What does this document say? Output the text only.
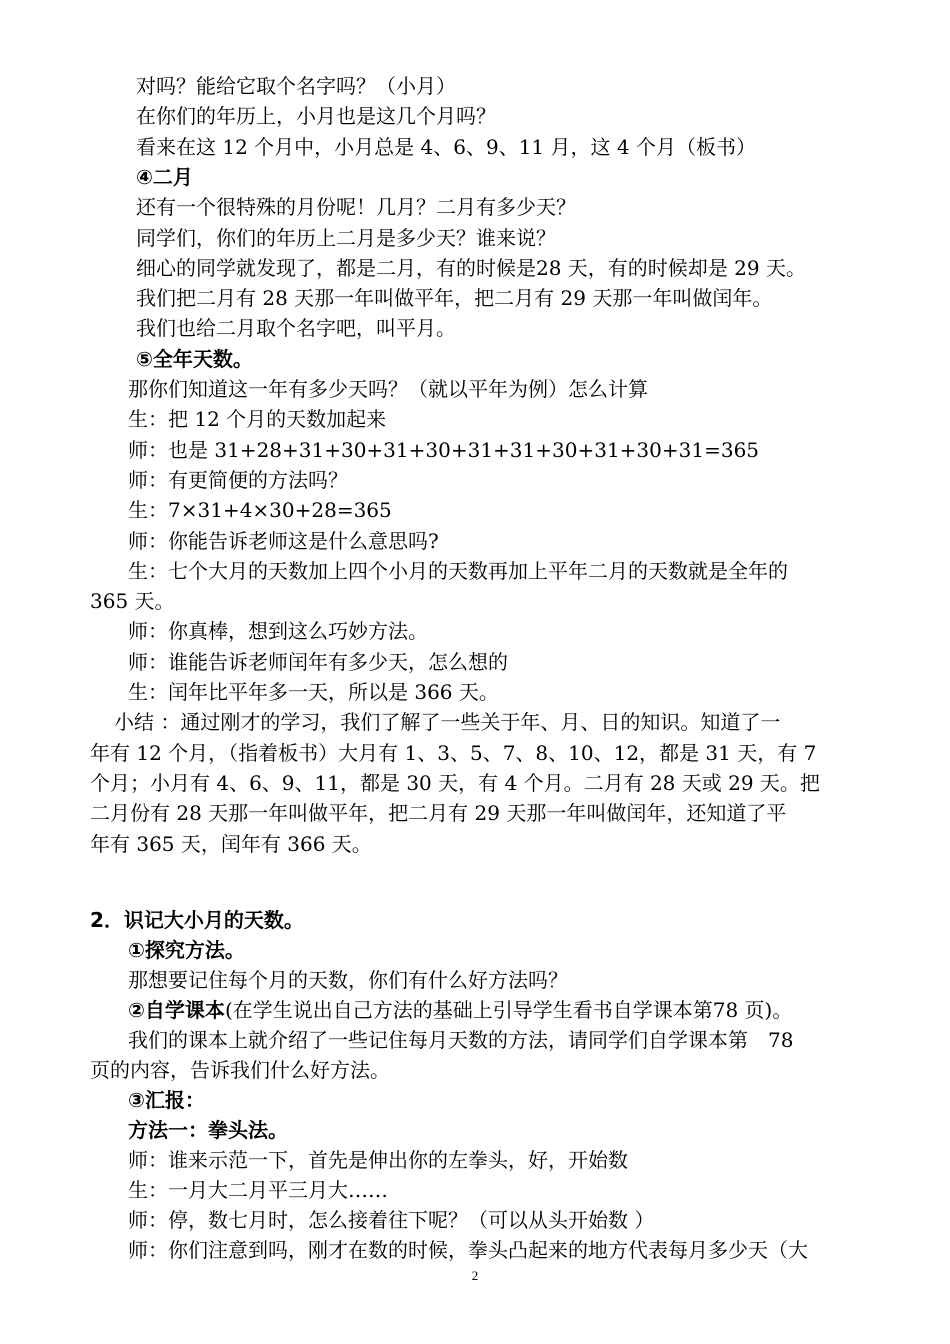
对吗？能给它取个名字吗？（小月）
在你们的年历上，小月也是这几个月吗？
看来在这 12 个月中，小月总是 4、6、9、11 月，这 4 个月（板书）
④二月
还有一个很特殊的月份呢！几月？二月有多少天？
同学们，你们的年历上二月是多少天？谁来说？
细心的同学就发现了，都是二月，有的时候是28 天，有的时候却是 29 天。
我们把二月有 28 天那一年叫做平年，把二月有 29 天那一年叫做闰年。
我们也给二月取个名字吧，叫平月。
⑤全年天数。
那你们知道这一年有多少天吗？（就以平年为例）怎么计算
生：把 12 个月的天数加起来
师：也是 31+28+31+30+31+30+31+31+30+31+30+31=365
师：有更简便的方法吗？
生：7×31+4×30+28=365
师：你能告诉老师这是什么意思吗?
生：七个大月的天数加上四个小月的天数再加上平年二月的天数就是全年的
365 天。
师：你真棒，想到这么巧妙方法。
师：谁能告诉老师闰年有多少天，怎么想的
生：闰年比平年多一天，所以是 366 天。
小结 ：通过刚才的学习，我们了解了一些关于年、月、日的知识。知道了一
年有 12 个月，（指着板书）大月有 1、3、5、7、8、10、12，都是 31 天，有 7
个月；小月有 4、6、9、11，都是 30 天，有 4 个月。二月有 28 天或 29 天。把
二月份有 28 天那一年叫做平年，把二月有 29 天那一年叫做闰年，还知道了平
年有 365 天，闰年有 366 天。
2．识记大小月的天数。
①探究方法。
那想要记住每个月的天数，你们有什么好方法吗？
②自学课本(在学生说出自己方法的基础上引导学生看书自学课本第78 页)。
我们的课本上就介绍了一些记住每月天数的方法，请同学们自学课本第　78
页的内容，告诉我们什么好方法。
③汇报：
方法一：拳头法。
师：谁来示范一下，首先是伸出你的左拳头，好，开始数
生：一月大二月平三月大……
师：停，数七月时，怎么接着往下呢？（可以从头开始数 ）
师：你们注意到吗，刚才在数的时候，拳头凸起来的地方代表每月多少天（大
2
